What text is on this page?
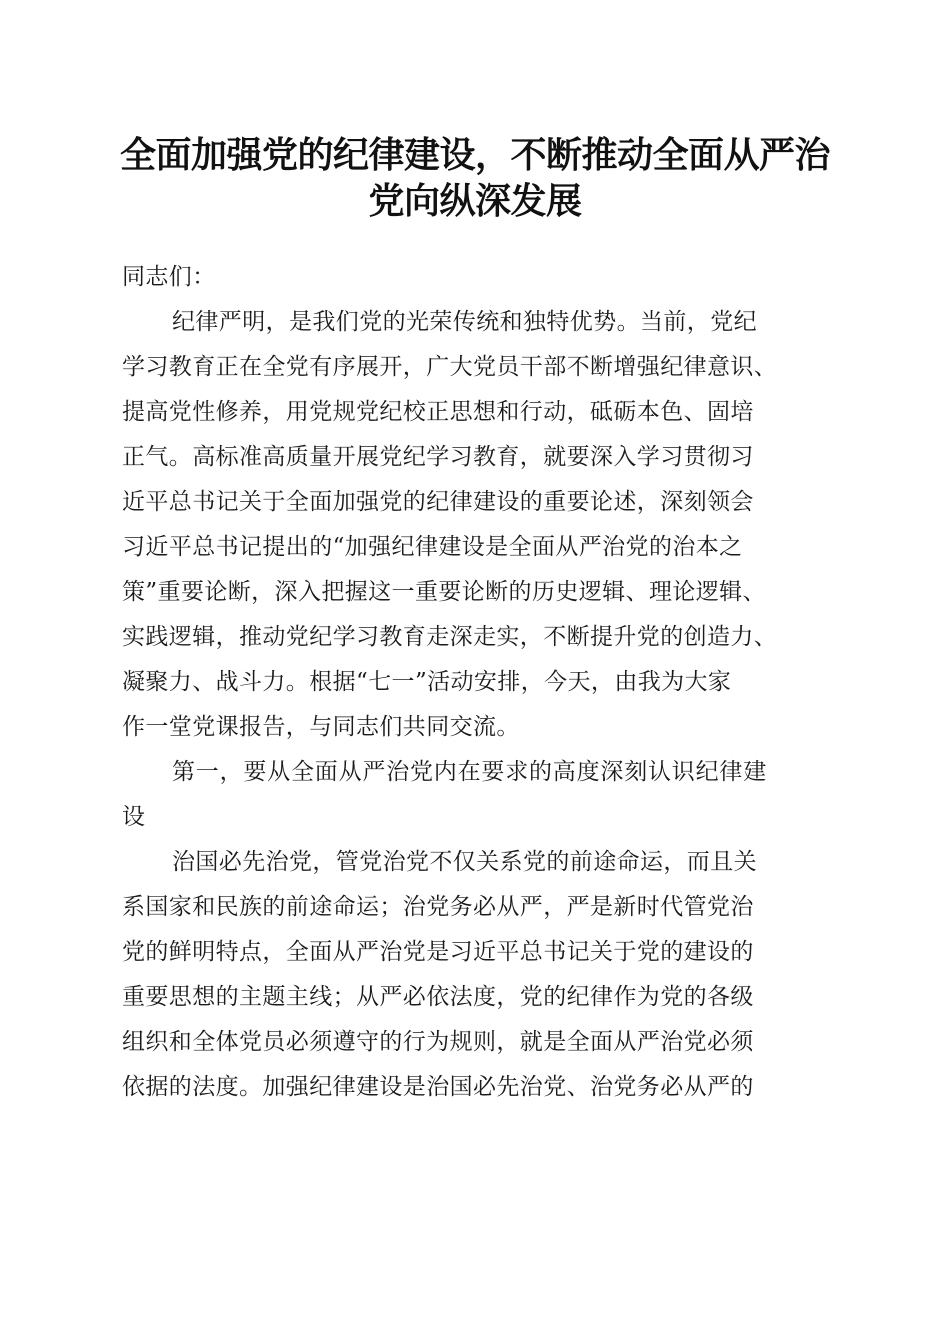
全面加强党的纪律建设，不断推动全面从严治
党向纵深发展
同志们：
纪律严明，是我们党的光荣传统和独特优势。当前，党纪
学习教育正在全党有序展开，广大党员干部不断增强纪律意识、
提高党性修养，用党规党纪校正思想和行动，砥砺本色、固培
正气。高标准高质量开展党纪学习教育，就要深入学习贯彻习
近平总书记关于全面加强党的纪律建设的重要论述，深刻领会
习近平总书记提出的“加强纪律建设是全面从严治党的治本之
策”重要论断，深入把握这一重要论断的历史逻辑、理论逻辑、
实践逻辑，推动党纪学习教育走深走实，不断提升党的创造力、
凝聚力、战斗力。根据“七一”活动安排，今天，由我为大家
作一堂党课报告，与同志们共同交流。
第一，要从全面从严治党内在要求的高度深刻认识纪律建
设
治国必先治党，管党治党不仅关系党的前途命运，而且关
系国家和民族的前途命运；治党务必从严，严是新时代管党治
党的鲜明特点，全面从严治党是习近平总书记关于党的建设的
重要思想的主题主线；从严必依法度，党的纪律作为党的各级
组织和全体党员必须遵守的行为规则，就是全面从严治党必须
依据的法度。加强纪律建设是治国必先治党、治党务必从严的
